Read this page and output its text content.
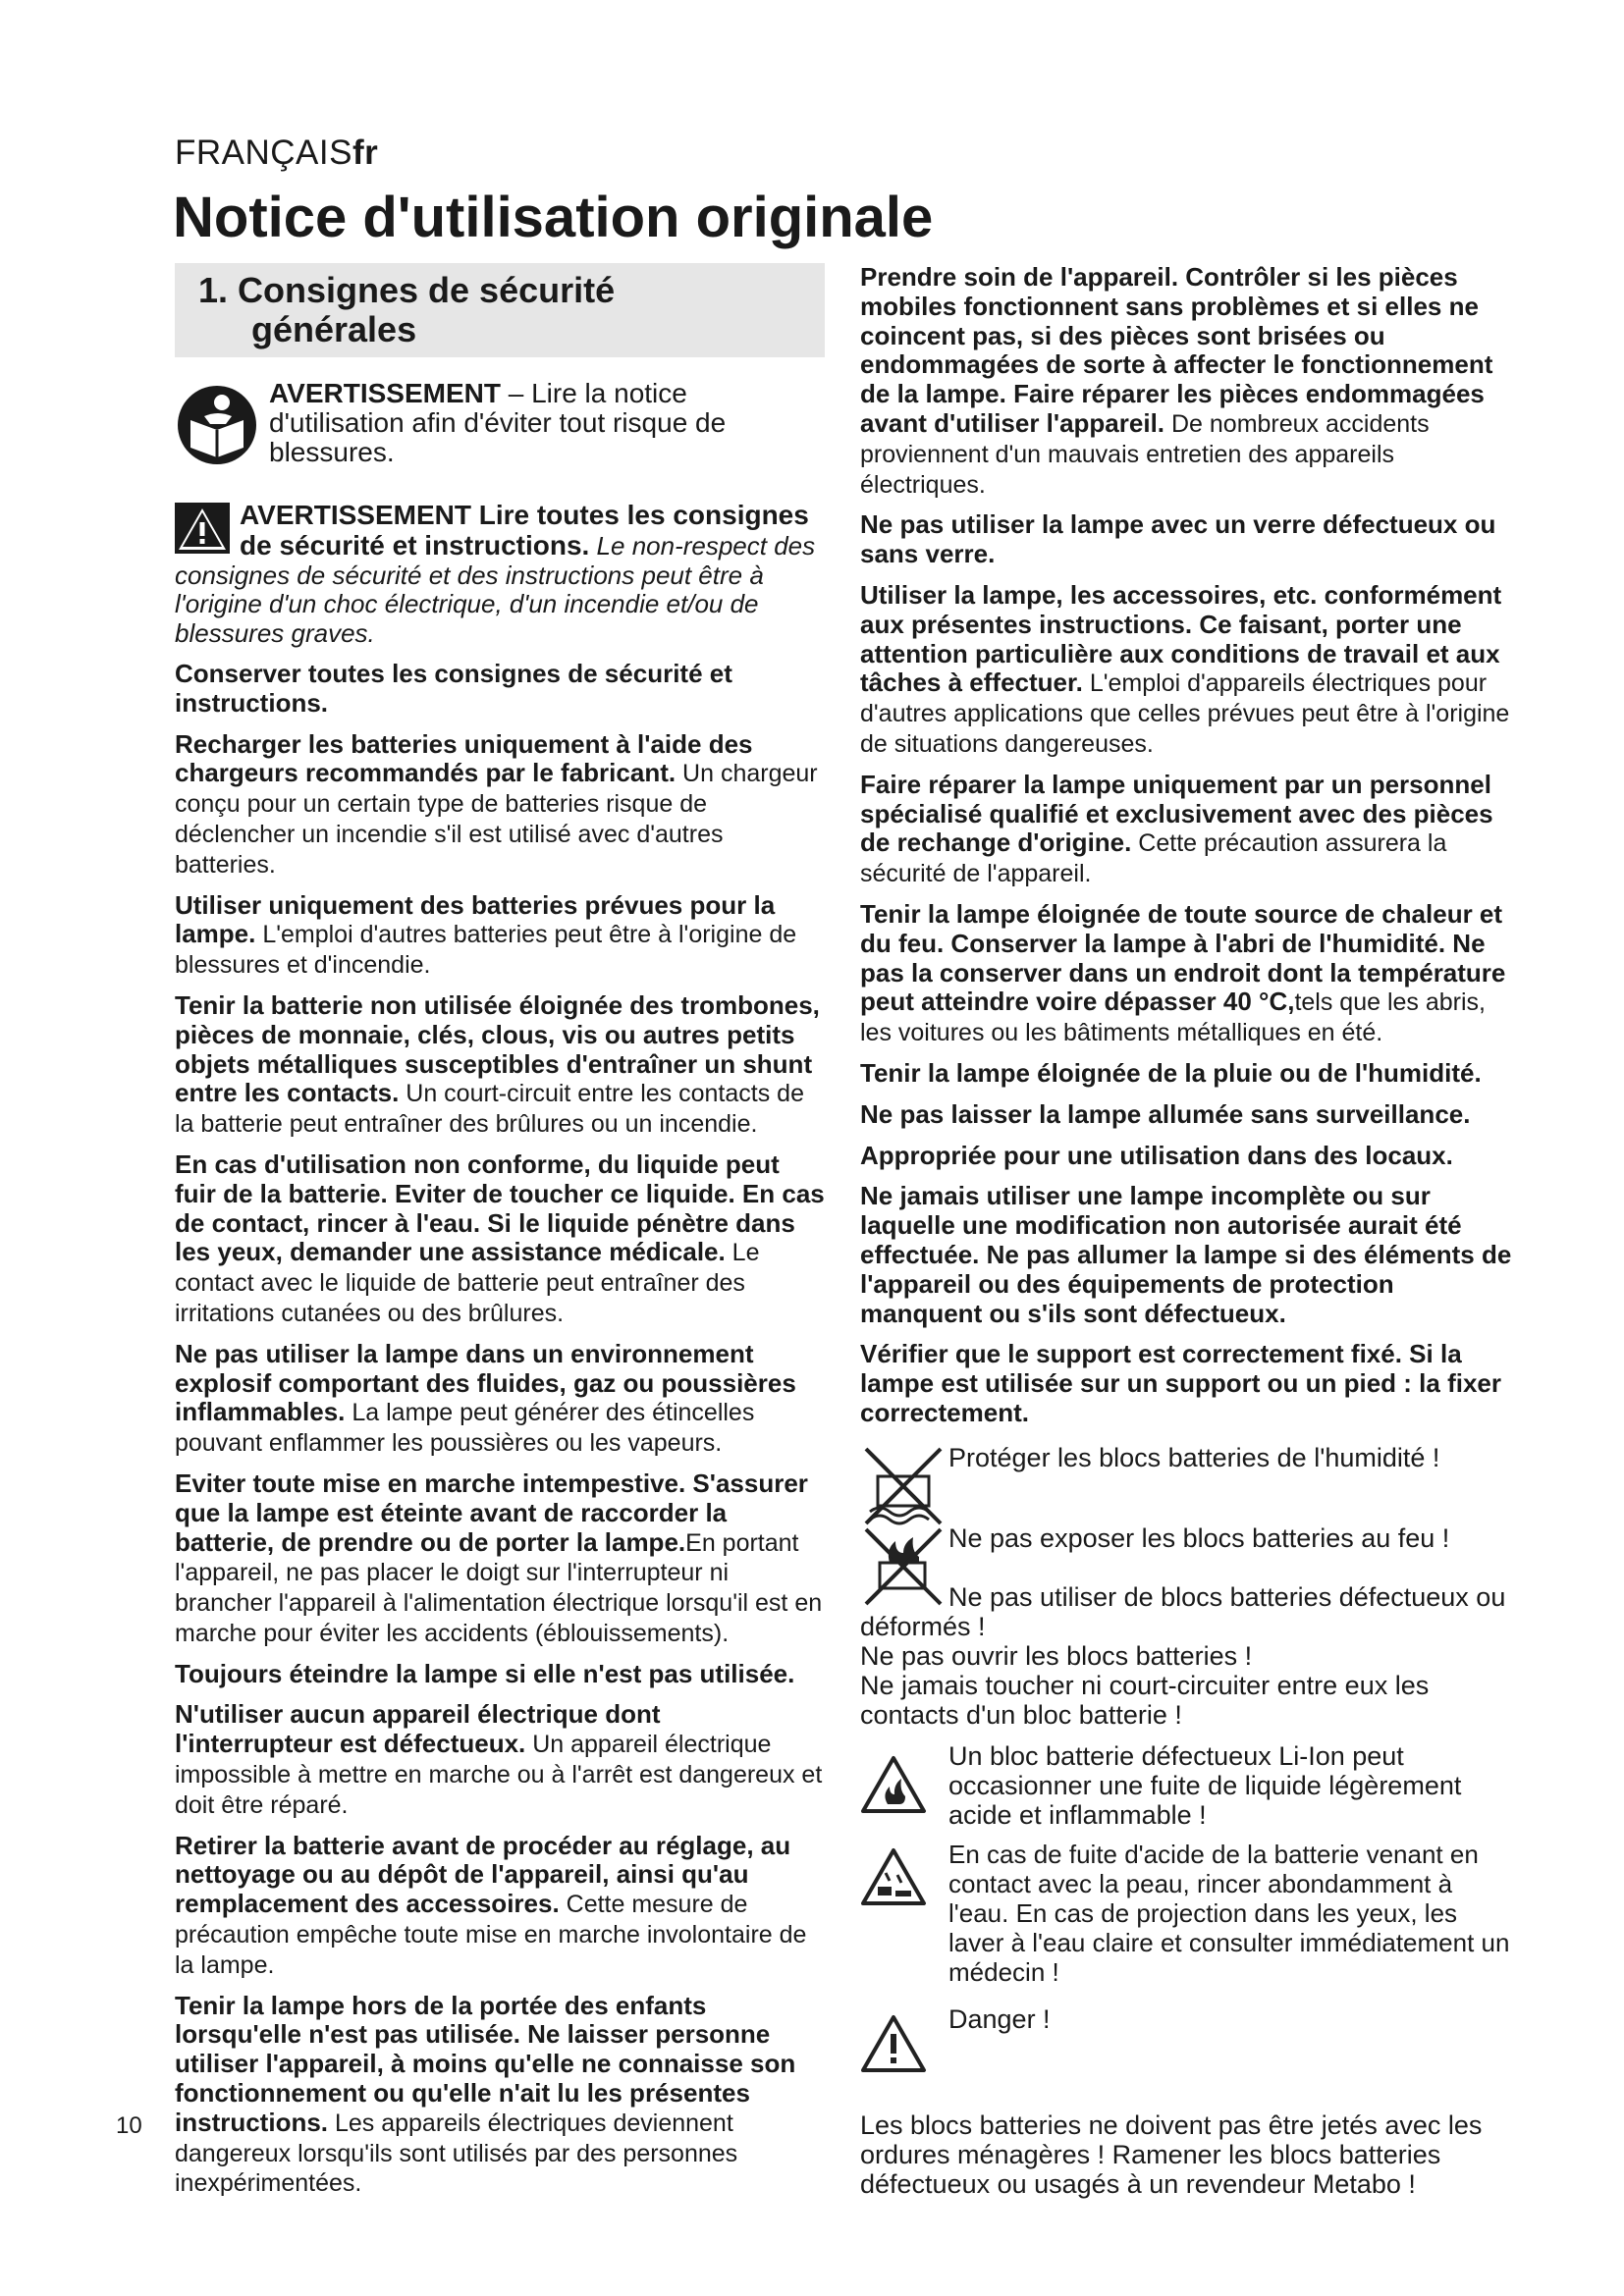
FRANÇAISfr
Notice d'utilisation originale
1. Consignes de sécurité
générales
AVERTISSEMENT – Lire la notice d'utilisation afin d'éviter tout risque de blessures.
AVERTISSEMENT Lire toutes les consignes de sécurité et instructions. Le non-respect des consignes de sécurité et des instructions peut être à l'origine d'un choc électrique, d'un incendie et/ou de blessures graves.

Conserver toutes les consignes de sécurité et instructions.

Recharger les batteries uniquement à l'aide des chargeurs recommandés par le fabricant. Un chargeur conçu pour un certain type de batteries risque de déclencher un incendie s'il est utilisé avec d'autres batteries.

Utiliser uniquement des batteries prévues pour la lampe. L'emploi d'autres batteries peut être à l'origine de blessures et d'incendie.

Tenir la batterie non utilisée éloignée des trombones, pièces de monnaie, clés, clous, vis ou autres petits objets métalliques susceptibles d'entraîner un shunt entre les contacts. Un court-circuit entre les contacts de la batterie peut entraîner des brûlures ou un incendie.

En cas d'utilisation non conforme, du liquide peut fuir de la batterie. Eviter de toucher ce liquide. En cas de contact, rincer à l'eau. Si le liquide pénètre dans les yeux, demander une assistance médicale. Le contact avec le liquide de batterie peut entraîner des irritations cutanées ou des brûlures.

Ne pas utiliser la lampe dans un environnement explosif comportant des fluides, gaz ou poussières inflammables. La lampe peut générer des étincelles pouvant enflammer les poussières ou les vapeurs.

Eviter toute mise en marche intempestive. S'assurer que la lampe est éteinte avant de raccorder la batterie, de prendre ou de porter la lampe.En portant l'appareil, ne pas placer le doigt sur l'interrupteur ni brancher l'appareil à l'alimentation électrique lorsqu'il est en marche pour éviter les accidents (éblouissements).

Toujours éteindre la lampe si elle n'est pas utilisée.

N'utiliser aucun appareil électrique dont l'interrupteur est défectueux. Un appareil électrique impossible à mettre en marche ou à l'arrêt est dangereux et doit être réparé.

Retirer la batterie avant de procéder au réglage, au nettoyage ou au dépôt de l'appareil, ainsi qu'au remplacement des accessoires. Cette mesure de précaution empêche toute mise en marche involontaire de la lampe.

Tenir la lampe hors de la portée des enfants lorsqu'elle n'est pas utilisée. Ne laisser personne utiliser l'appareil, à moins qu'elle ne connaisse son fonctionnement ou qu'elle n'ait lu les présentes instructions. Les appareils électriques deviennent dangereux lorsqu'ils sont utilisés par des personnes inexpérimentées.

Prendre soin de l'appareil. Contrôler si les pièces mobiles fonctionnent sans problèmes et si elles ne coincent pas, si des pièces sont brisées ou endommagées de sorte à affecter le fonctionnement de la lampe. Faire réparer les pièces endommagées avant d'utiliser l'appareil. De nombreux accidents proviennent d'un mauvais entretien des appareils électriques.

Ne pas utiliser la lampe avec un verre défectueux ou sans verre.

Utiliser la lampe, les accessoires, etc. conformément aux présentes instructions. Ce faisant, porter une attention particulière aux conditions de travail et aux tâches à effectuer. L'emploi d'appareils électriques pour d'autres applications que celles prévues peut être à l'origine de situations dangereuses.

Faire réparer la lampe uniquement par un personnel spécialisé qualifié et exclusivement avec des pièces de rechange d'origine. Cette précaution assurera la sécurité de l'appareil.

Tenir la lampe éloignée de toute source de chaleur et du feu. Conserver la lampe à l'abri de l'humidité. Ne pas la conserver dans un endroit dont la température peut atteindre voire dépasser 40 °C,tels que les abris, les voitures ou les bâtiments métalliques en été.

Tenir la lampe éloignée de la pluie ou de l'humidité.

Ne pas laisser la lampe allumée sans surveillance.

Appropriée pour une utilisation dans des locaux.

Ne jamais utiliser une lampe incomplète ou sur laquelle une modification non autorisée aurait été effectuée. Ne pas allumer la lampe si des éléments de l'appareil ou des équipements de protection manquent ou s'ils sont défectueux.

Vérifier que le support est correctement fixé. Si la lampe est utilisée sur un support ou un pied : la fixer correctement.

Protéger les blocs batteries de l'humidité !
Ne pas exposer les blocs batteries au feu !

Ne pas utiliser de blocs batteries défectueux ou déformés !

Ne pas ouvrir les blocs batteries !

Ne jamais toucher ni court-circuiter entre eux les contacts d'un bloc batterie !

Un bloc batterie défectueux Li-Ion peut occasionner une fuite de liquide légèrement acide et inflammable !
En cas de fuite d'acide de la batterie venant en contact avec la peau, rincer abondamment à l'eau. En cas de projection dans les yeux, les laver à l'eau claire et consulter immédiatement un médecin !
Danger !

Les blocs batteries ne doivent pas être jetés avec les ordures ménagères ! Ramener les blocs batteries défectueux ou usagés à un revendeur Metabo !

10
